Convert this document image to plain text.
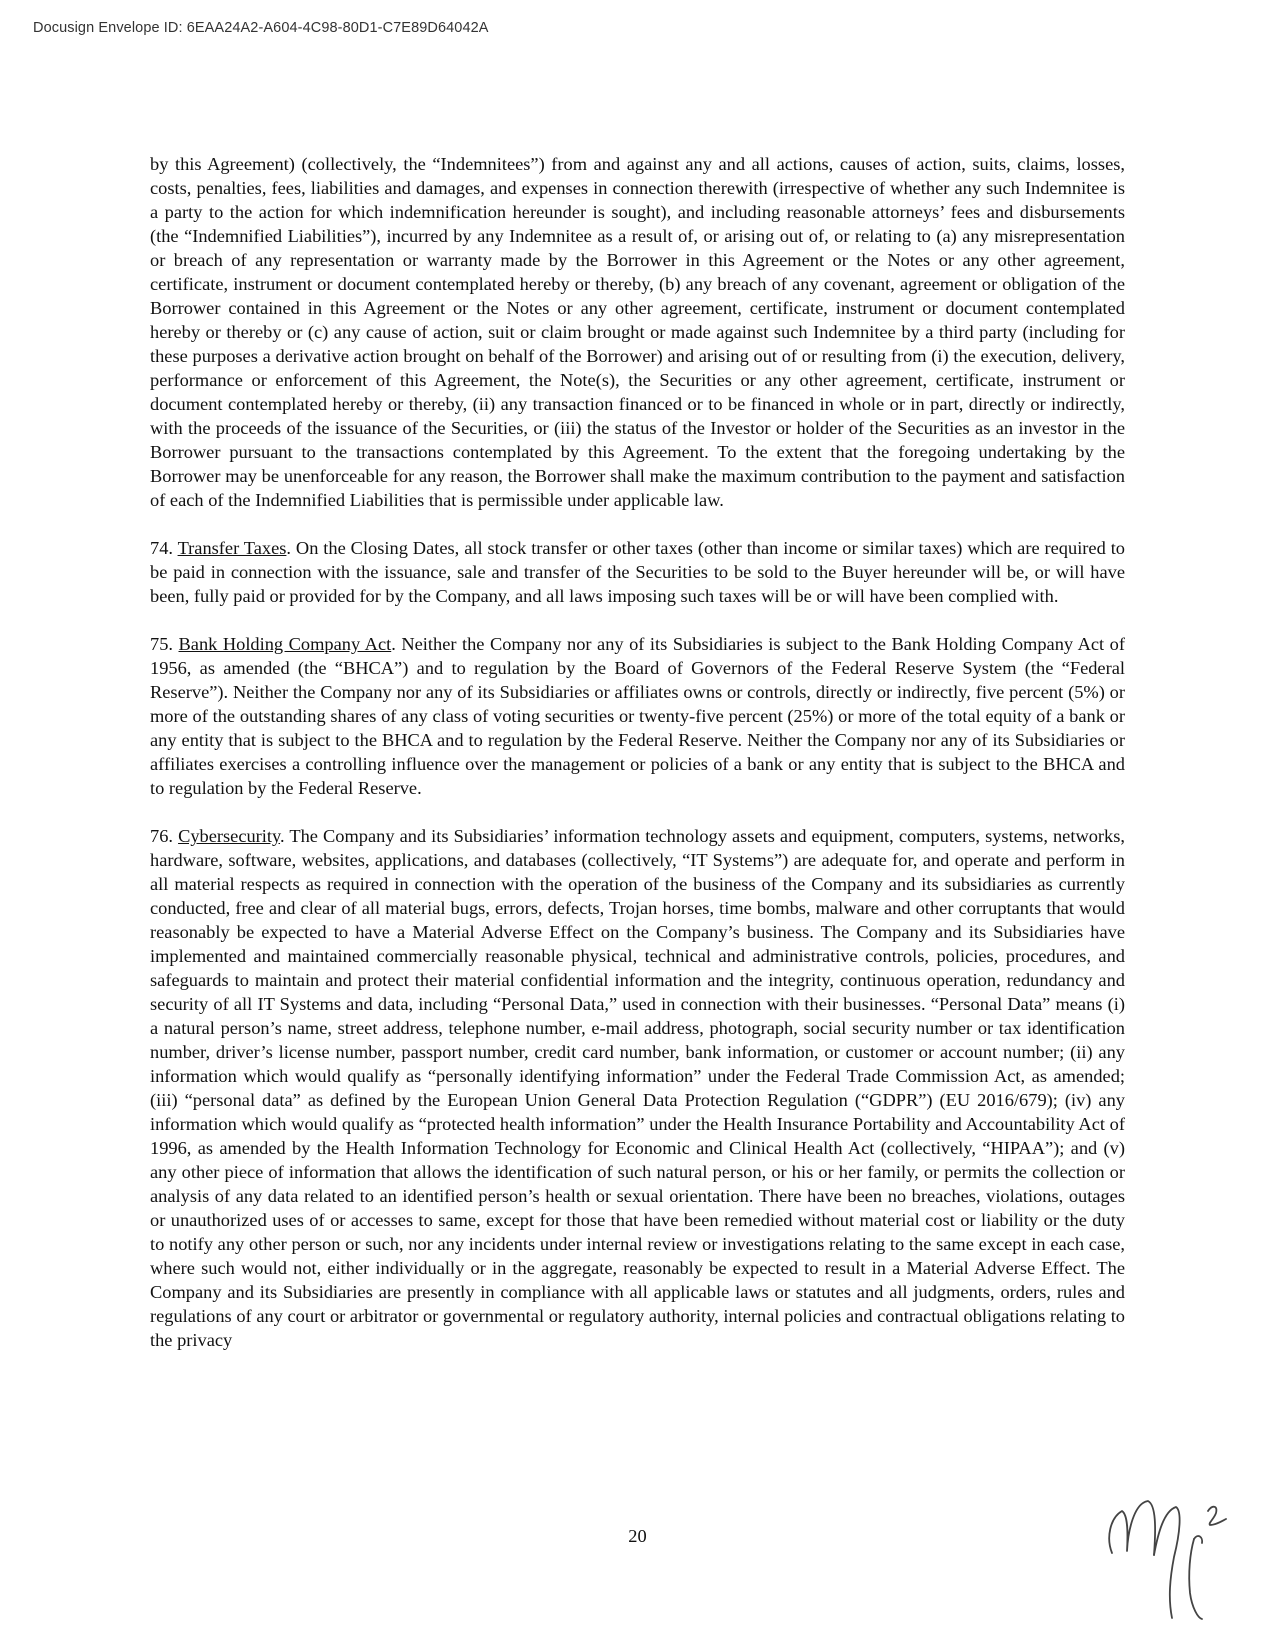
Docusign Envelope ID: 6EAA24A2-A604-4C98-80D1-C7E89D64042A

by this Agreement) (collectively, the “Indemnitees”) from and against any and all actions, causes of action, suits, claims, losses, costs, penalties, fees, liabilities and damages, and expenses in connection therewith (irrespective of whether any such Indemnitee is a party to the action for which indemnification hereunder is sought), and including reasonable attorneys’ fees and disbursements (the “Indemnified Liabilities”), incurred by any Indemnitee as a result of, or arising out of, or relating to (a) any misrepresentation or breach of any representation or warranty made by the Borrower in this Agreement or the Notes or any other agreement, certificate, instrument or document contemplated hereby or thereby, (b) any breach of any covenant, agreement or obligation of the Borrower contained in this Agreement or the Notes or any other agreement, certificate, instrument or document contemplated hereby or thereby or (c) any cause of action, suit or claim brought or made against such Indemnitee by a third party (including for these purposes a derivative action brought on behalf of the Borrower) and arising out of or resulting from (i) the execution, delivery, performance or enforcement of this Agreement, the Note(s), the Securities or any other agreement, certificate, instrument or document contemplated hereby or thereby, (ii) any transaction financed or to be financed in whole or in part, directly or indirectly, with the proceeds of the issuance of the Securities, or (iii) the status of the Investor or holder of the Securities as an investor in the Borrower pursuant to the transactions contemplated by this Agreement. To the extent that the foregoing undertaking by the Borrower may be unenforceable for any reason, the Borrower shall make the maximum contribution to the payment and satisfaction of each of the Indemnified Liabilities that is permissible under applicable law.

74. Transfer Taxes. On the Closing Dates, all stock transfer or other taxes (other than income or similar taxes) which are required to be paid in connection with the issuance, sale and transfer of the Securities to be sold to the Buyer hereunder will be, or will have been, fully paid or provided for by the Company, and all laws imposing such taxes will be or will have been complied with.

75. Bank Holding Company Act. Neither the Company nor any of its Subsidiaries is subject to the Bank Holding Company Act of 1956, as amended (the “BHCA”) and to regulation by the Board of Governors of the Federal Reserve System (the “Federal Reserve”). Neither the Company nor any of its Subsidiaries or affiliates owns or controls, directly or indirectly, five percent (5%) or more of the outstanding shares of any class of voting securities or twenty-five percent (25%) or more of the total equity of a bank or any entity that is subject to the BHCA and to regulation by the Federal Reserve. Neither the Company nor any of its Subsidiaries or affiliates exercises a controlling influence over the management or policies of a bank or any entity that is subject to the BHCA and to regulation by the Federal Reserve.

76. Cybersecurity. The Company and its Subsidiaries’ information technology assets and equipment, computers, systems, networks, hardware, software, websites, applications, and databases (collectively, “IT Systems”) are adequate for, and operate and perform in all material respects as required in connection with the operation of the business of the Company and its subsidiaries as currently conducted, free and clear of all material bugs, errors, defects, Trojan horses, time bombs, malware and other corruptants that would reasonably be expected to have a Material Adverse Effect on the Company’s business. The Company and its Subsidiaries have implemented and maintained commercially reasonable physical, technical and administrative controls, policies, procedures, and safeguards to maintain and protect their material confidential information and the integrity, continuous operation, redundancy and security of all IT Systems and data, including “Personal Data,” used in connection with their businesses. “Personal Data” means (i) a natural person’s name, street address, telephone number, e-mail address, photograph, social security number or tax identification number, driver’s license number, passport number, credit card number, bank information, or customer or account number; (ii) any information which would qualify as “personally identifying information” under the Federal Trade Commission Act, as amended; (iii) “personal data” as defined by the European Union General Data Protection Regulation (“GDPR”) (EU 2016/679); (iv) any information which would qualify as “protected health information” under the Health Insurance Portability and Accountability Act of 1996, as amended by the Health Information Technology for Economic and Clinical Health Act (collectively, “HIPAA”); and (v) any other piece of information that allows the identification of such natural person, or his or her family, or permits the collection or analysis of any data related to an identified person’s health or sexual orientation. There have been no breaches, violations, outages or unauthorized uses of or accesses to same, except for those that have been remedied without material cost or liability or the duty to notify any other person or such, nor any incidents under internal review or investigations relating to the same except in each case, where such would not, either individually or in the aggregate, reasonably be expected to result in a Material Adverse Effect. The Company and its Subsidiaries are presently in compliance with all applicable laws or statutes and all judgments, orders, rules and regulations of any court or arbitrator or governmental or regulatory authority, internal policies and contractual obligations relating to the privacy

20
